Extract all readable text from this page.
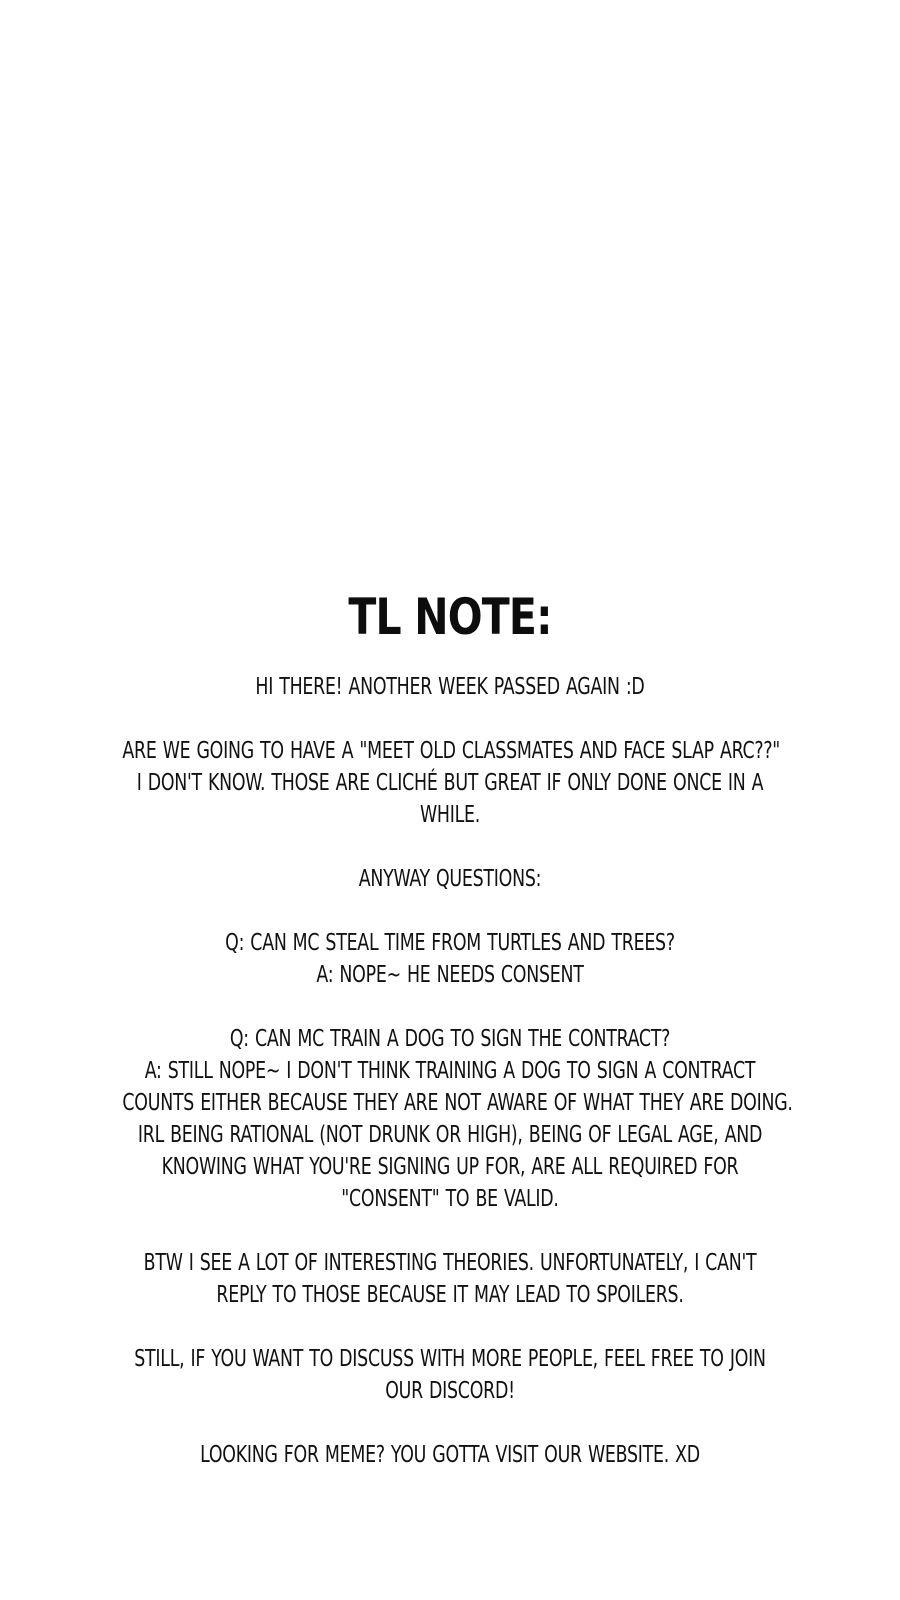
TL NOTE:

HI THERE! ANOTHER WEEK PASSED AGAIN :D

ARE WE GOING TO HAVE A "MEET OLD CLASSMATES AND FACE SLAP ARC??"
I DON'T KNOW. THOSE ARE CLICHÉ BUT GREAT IF ONLY DONE ONCE IN A
WHILE.

ANYWAY QUESTIONS:

Q: CAN MC STEAL TIME FROM TURTLES AND TREES?
A: NOPE~ HE NEEDS CONSENT

Q: CAN MC TRAIN A DOG TO SIGN THE CONTRACT?
A: STILL NOPE~ I DON'T THINK TRAINING A DOG TO SIGN A CONTRACT
COUNTS EITHER BECAUSE THEY ARE NOT AWARE OF WHAT THEY ARE DOING.
IRL BEING RATIONAL (NOT DRUNK OR HIGH), BEING OF LEGAL AGE, AND
KNOWING WHAT YOU'RE SIGNING UP FOR, ARE ALL REQUIRED FOR
"CONSENT" TO BE VALID.

BTW I SEE A LOT OF INTERESTING THEORIES. UNFORTUNATELY, I CAN'T
REPLY TO THOSE BECAUSE IT MAY LEAD TO SPOILERS.

STILL, IF YOU WANT TO DISCUSS WITH MORE PEOPLE, FEEL FREE TO JOIN
OUR DISCORD!

LOOKING FOR MEME? YOU GOTTA VISIT OUR WEBSITE. XD
